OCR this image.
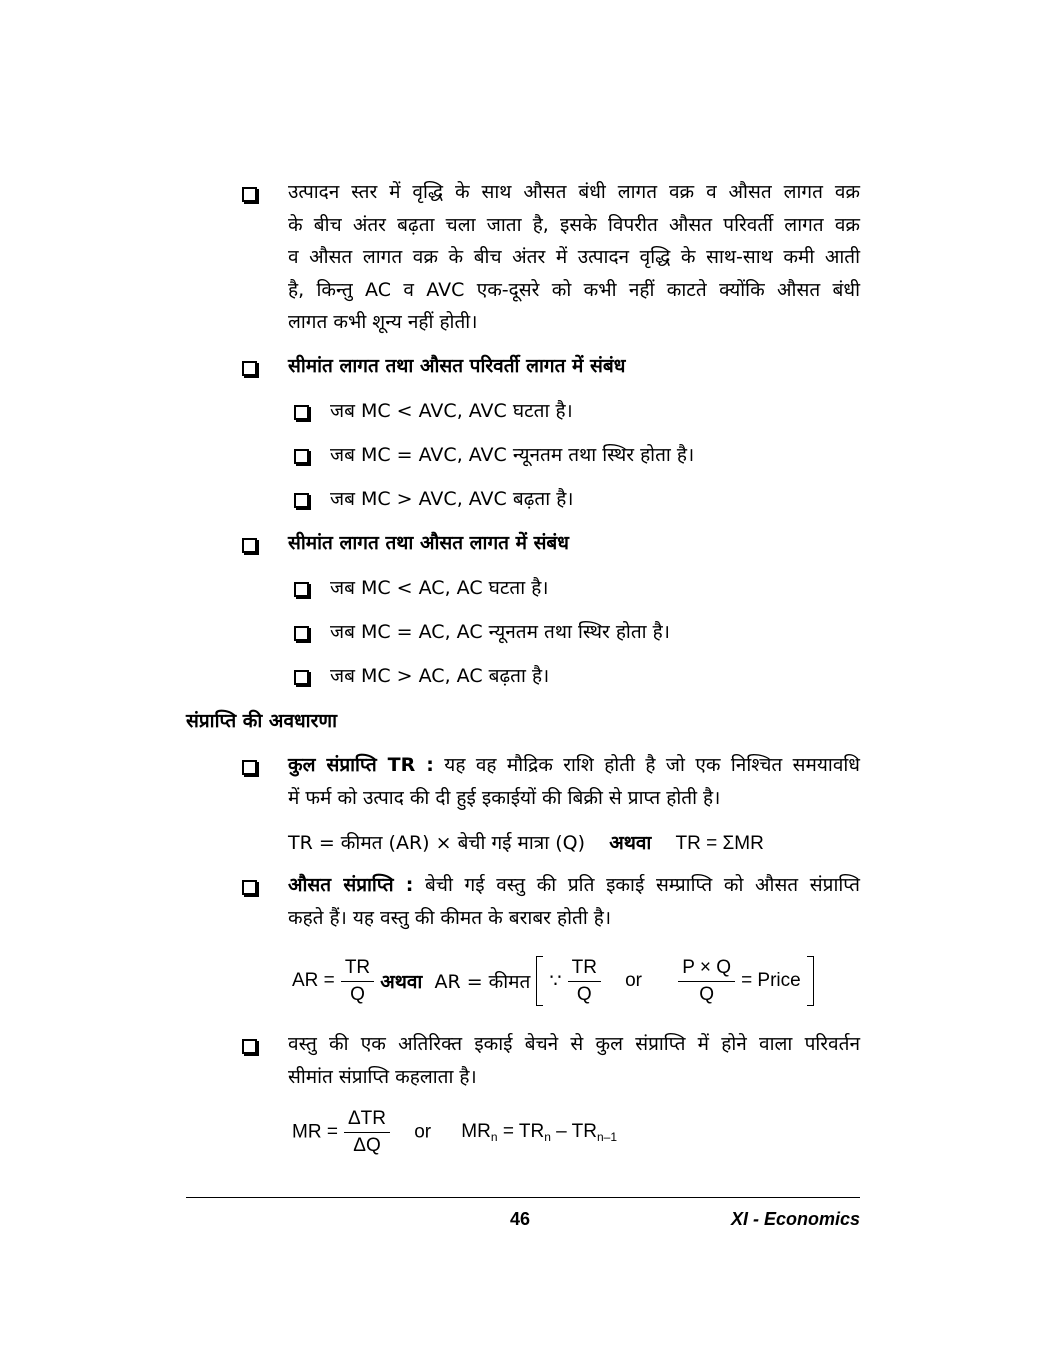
उत्पादन स्तर में वृद्धि के साथ औसत बंधी लागत वक्र व औसत लागत वक्र
के बीच अंतर बढ़ता चला जाता है, इसके विपरीत औसत परिवर्ती लागत वक्र
व औसत लागत वक्र के बीच अंतर में उत्पादन वृद्धि के साथ-साथ कमी आती
है, किन्तु AC व AVC एक-दूसरे को कभी नहीं काटते क्योंकि औसत बंधी
लागत कभी शून्य नहीं होती।
सीमांत लागत तथा औसत परिवर्ती लागत में संबंध
जब MC < AVC, AVC घटता है।
जब MC = AVC, AVC न्यूनतम तथा स्थिर होता है।
जब MC > AVC, AVC बढ़ता है।
सीमांत लागत तथा औसत लागत में संबंध
जब MC < AC, AC घटता है।
जब MC = AC, AC न्यूनतम तथा स्थिर होता है।
जब MC > AC, AC बढ़ता है।
संप्राप्ति की अवधारणा
कुल संप्राप्ति TR : यह वह मौद्रिक राशि होती है जो एक निश्चित समयावधि
में फर्म को उत्पाद की दी हुई इकाईयों की बिक्री से प्राप्त होती है।
TR = कीमत (AR) × बेची गई मात्रा (Q) अथवा TR = ΣMR
औसत संप्राप्ति : बेची गई वस्तु की प्रति इकाई सम्प्राप्ति को औसत संप्राप्ति
कहते हैं। यह वस्तु की कीमत के बराबर होती है।
AR = $\frac{TR}{Q}$ अथवा AR = कीमत ∵ $\frac{TR}{Q}$ or $\frac{P \times Q}{Q}$ = Price
वस्तु की एक अतिरिक्त इकाई बेचने से कुल संप्राप्ति में होने वाला परिवर्तन
सीमांत संप्राप्ति कहलाता है।
MR = $\frac{\text{ΔTR}}{\Delta Q}$ or $MR_n = TR_n - TR_{n-1}$
46	XI - Economics
